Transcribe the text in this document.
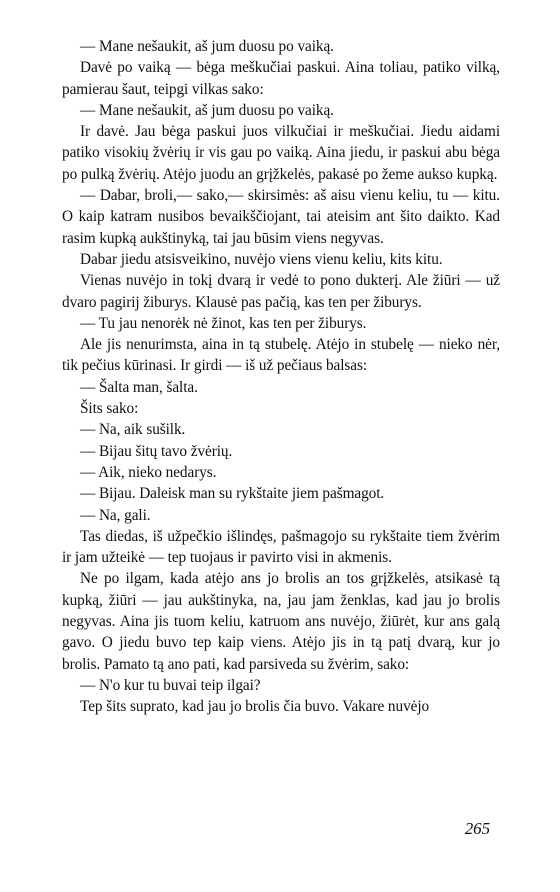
— Mane nešaukit, aš jum duosu po vaiką.

Davė po vaiką — bėga meškučiai paskui. Aina toliau, patiko vilką, pamierau šaut, teipgi vilkas sako:

— Mane nešaukit, aš jum duosu po vaiką.

Ir davė. Jau bėga paskui juos vilkučiai ir meškučiai. Jiedu aidami patiko visokių žvėrių ir vis gau po vaiką. Aina jiedu, ir paskui abu bėga po pulką žvėrių. Atėjo juodu an grįžkelės, pakasė po žeme aukso kupką.

— Dabar, broli,— sako,— skirsimės: aš aisu vienu keliu, tu — kitu. O kaip katram nusibos bevaikščiojant, tai ateisim ant šito daikto. Kad rasim kupką aukštinyką, tai jau būsim viens negyvas.

Dabar jiedu atsisveikino, nuvėjo viens vienu keliu, kits kitu.

Vienas nuvėjo in tokį dvarą ir vedė to pono dukterį. Ale žiūri — už dvaro pagirij žiburys. Klausė pas pačią, kas ten per žiburys.

— Tu jau nenorėk nė žinot, kas ten per žiburys.

Ale jis nenurimsta, aina in tą stubelę. Atėjo in stubelę — nieko nėr, tik pečius kūrinasi. Ir girdi — iš už pečiaus balsas:

— Šalta man, šalta.

Šits sako:

— Na, aik sušilk.

— Bijau šitų tavo žvėrių.

— Aik, nieko nedarys.

— Bijau. Daleisk man su rykštaite jiem pašmagot.

— Na, gali.

Tas diedas, iš užpečkio išlindęs, pašmagojo su rykštaite tiem žvėrim ir jam užteikė — tep tuojaus ir pavirto visi in akmenis.

Ne po ilgam, kada atėjo ans jo brolis an tos grįžkelės, atsikasė tą kupką, žiūri — jau aukštinyka, na, jau jam ženklas, kad jau jo brolis negyvas. Aina jis tuom keliu, katruom ans nuvėjo, žiūrėt, kur ans galą gavo. O jiedu buvo tep kaip viens. Atėjo jis in tą patį dvarą, kur jo brolis. Pamato tą ano pati, kad parsiveda su žvėrim, sako:

— N'o kur tu buvai teip ilgai?

Tep šits suprato, kad jau jo brolis čia buvo. Vakare nuvėjo

265
